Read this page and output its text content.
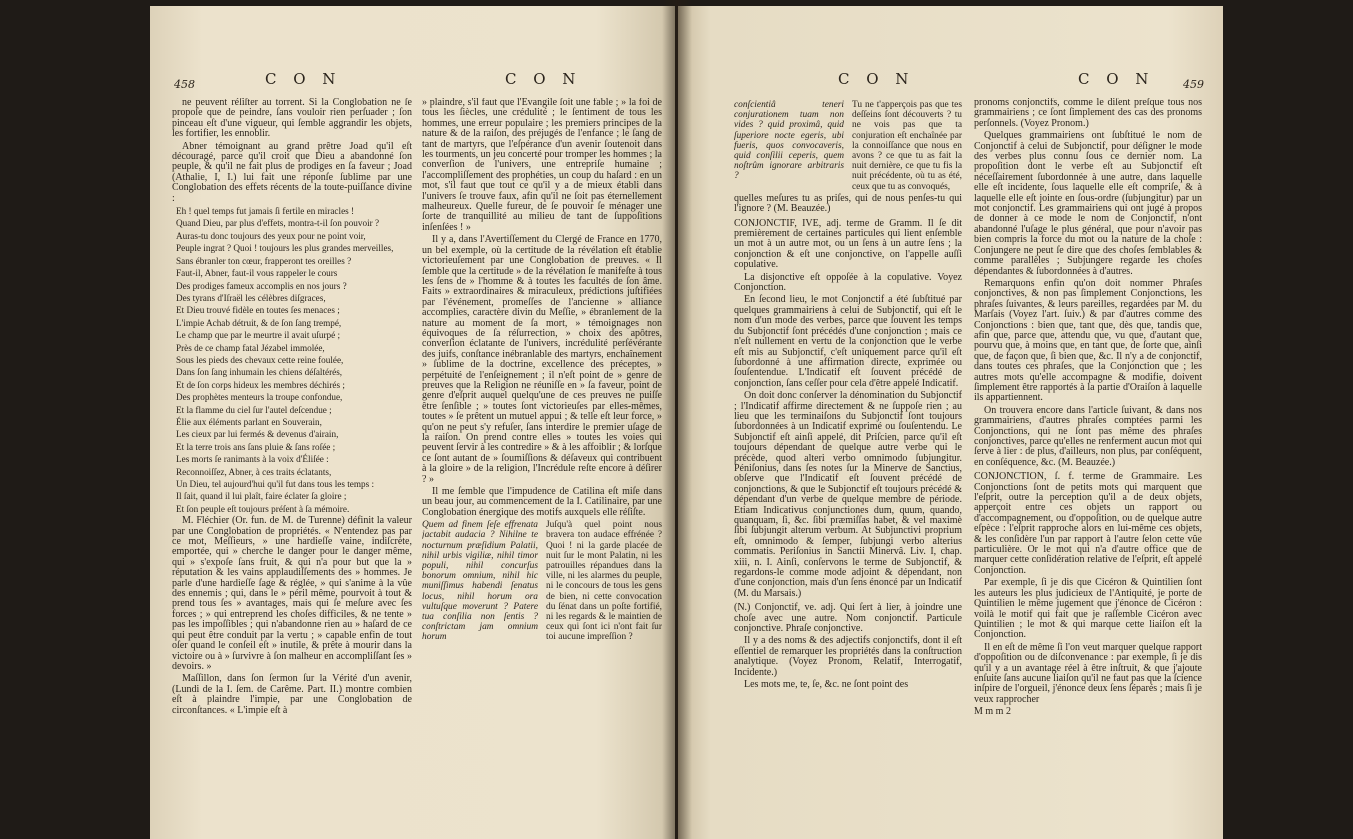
458	C O N	C O N

ne peuvent réſiſter au torrent. Si la Conglobation ne ſe propoſe que de peindre, ſans vouloir rien perſuader ; ſon pinceau eſt d'une vigueur, qui ſemble aggrandir les objets, les fortifier, les ennoblir.

Abner témoignant au grand prêtre Joad qu'il eſt découragé, parce qu'il croit que Dieu a abandonné ſon peuple, & qu'il ne fait plus de prodiges en ſa faveur ; Joad (Athalie, I, I.) lui fait une réponſe ſublime par une Conglobation des effets récents de la toute-puiſſance divine :

Eh ! quel temps fut jamais ſi fertile en miracles !

Quand Dieu, par plus d'effets, montra-t-il ſon pouvoir ?

Auras-tu donc toujours des yeux pour ne point voir,

Peuple ingrat ? Quoi ! toujours les plus grandes merveilles,

Sans ébranler ton cœur, frapperont tes oreilles ?

Faut-il, Abner, faut-il vous rappeler le cours

Des prodiges fameux accomplis en nos jours ?

Des tyrans d'Iſraël les célèbres diſgraces,

Et Dieu trouvé fidèle en toutes ſes menaces ;

L'impie Achab détruit, & de ſon ſang trempé,

Le champ que par le meurtre il avait uſurpé ;

Près de ce champ fatal Jézabel immolée,

Sous les pieds des chevaux cette reine foulée,

Dans ſon ſang inhumain les chiens déſaltérés,

Et de ſon corps hideux les membres déchirés ;

Des prophètes menteurs la troupe confondue,

Et la flamme du ciel ſur l'autel deſcendue ;

Élie aux éléments parlant en Souverain,

Les cieux par lui fermés & devenus d'airain,

Et la terre trois ans ſans pluie & ſans roſée ;

Les morts ſe ranimants à la voix d'Éliſée :

Reconnoiſſez, Abner, à ces traits éclatants,

Un Dieu, tel aujourd'hui qu'il fut dans tous les temps :

Il ſait, quand il lui plaît, faire éclater ſa gloire ;

Et ſon peuple eſt toujours préſent à ſa mémoire.

M. Fléchier (Or. fun. de M. de Turenne) définit la valeur par une Conglobation de propriétés. « N'entendez pas par ce mot, Meſſieurs, » une hardieſſe vaine, indiſcrète, emportée, qui » cherche le danger pour le danger même, qui » s'expoſe ſans fruit, & qui n'a pour but que la » réputation & les vains applaudiſſements des » hommes. Je parle d'une hardieſſe ſage & réglée, » qui s'anime à la vûe des ennemis ; qui, dans le » péril même, pourvoit à tout & prend tous ſes » avantages, mais qui ſe meſure avec ſes forces ; » qui entreprend les choſes difficiles, & ne tente » pas les impoſſibles ; qui n'abandonne rien au » haſard de ce qui peut être conduit par la vertu ; » capable enfin de tout oſer quand le conſeil eſt » inutile, & prête à mourir dans la victoire ou à » ſurvivre à ſon malheur en accompliſſant ſes » devoirs. »

Maſſillon, dans ſon ſermon ſur la Vérité d'un avenir, (Lundi de la I. ſem. de Carême. Part. II.) montre combien eſt à plaindre l'impie, par une Conglobation de circonſtances. « L'impie eſt à

» plaindre, s'il faut que l'Évangile ſoit une fable ; » la foi de tous les ſiècles, une crédulité ; le ſentiment de tous les hommes, une erreur populaire ; les premiers principes de la nature & de la raiſon, des préjugés de l'enfance ; le ſang de tant de martyrs, que l'eſpérance d'un avenir ſoutenoit dans les tourments, un jeu concerté pour tromper les hommes ; la converſion de l'univers, une entrepriſe humaine ; l'accompliſſement des prophéties, un coup du haſard : en un mot, s'il faut que tout ce qu'il y a de mieux établi dans l'univers ſe trouve faux, afin qu'il ne ſoit pas éternellement malheureux. Quelle fureur, de ſe pouvoir ſe ménager une ſorte de tranquillité au milieu de tant de ſuppoſitions inſenſées ! »

Il y a, dans l'Avertiſſement du Clergé de France en 1770, un bel exemple, où la certitude de la révélation eſt établie victorieuſement par une Conglobation de preuves. « Il ſemble que la certitude » de la révélation ſe manifeſte à tous les ſens de » l'homme & à toutes les facultés de ſon âme. Faits » extraordinaires & miraculeux, prédictions juſtifiées par l'événement, promeſſes de l'ancienne » alliance accomplies, caractère divin du Meſſie, » ébranlement de la nature au moment de ſa mort, » témoignages non équivoques de ſa réſurrection, » choix des apôtres, converſion éclatante de l'univers, incrédulité perſévérante des juifs, conſtance inébranlable des martyrs, enchaînement » ſublime de la doctrine, excellence des préceptes, » perpétuité de l'enſeignement ; il n'eſt point de » genre de preuves que la Religion ne réuniſſe en » ſa faveur, point de genre d'eſprit auquel quelqu'une de ces preuves ne puiſſe être ſenſible ; » toutes ſont victorieuſes par elles-mêmes, toutes » ſe prêtent un mutuel appui ; & telle eſt leur force, » qu'on ne peut s'y refuſer, ſans interdire le premier uſage de la raiſon. On prend contre elles » toutes les voies qui peuvent ſervir à les contredire » & à les affoiblir ; & lorſque ce ſont autant de » ſoumiſſions & déſaveux qui contribuent à la gloire » de la religion, l'Incrédule reſte encore à déſirer ? »

Il me ſemble que l'impudence de Catilina eſt miſe dans un beau jour, au commencement de la I. Catilinaire, par une Conglobation énergique des motifs auxquels elle réſiſte.

Quem ad finem ſeſe effrenata jactabit audacia ? Nihilne te nocturnum præſidium Palatii, nihil urbis vigiliæ, nihil timor populi, nihil concurſus bonorum omnium, nihil hic muniſſimus habendi ſenatus locus, nihil horum ora vultuſque moverunt ? Patere tua conſilia non ſentis ? conſtrictam jam omnium horum
Juſqu'à quel point nous bravera ton audace effrénée ? Quoi ! ni la garde placée de nuit ſur le mont Palatin, ni les patrouilles répandues dans la ville, ni les alarmes du peuple, ni le concours de tous les gens de bien, ni cette convocation du ſénat dans un poſte fortifié, ni les regards & le maintien de ceux qui ſont ici n'ont fait ſur toi aucune impreſſion ?
C O N	C O N	459
conſcientiâ teneri conjurationem tuam non vides ? quid proximâ, quid ſuperiore nocte egeris, ubi fueris, quos convocaveris, quid conſilii ceperis, quem noſtrûm ignorare arbitraris ?
Tu ne t'apperçois pas que tes deſſeins ſont découverts ? tu ne vois pas que ta conjuration eſt enchaînée par la connoiſſance que nous en avons ? ce que tu as fait la nuit dernière, ce que tu fis la nuit précédente, où tu as été, ceux que tu as convoqués,

quelles meſures tu as priſes, qui de nous penſes-tu qui l'ignore ? (M. Beauzée.)

CONJONCTIF, IVE, adj. terme de Gramm. Il ſe dit premièrement de certaines particules qui lient enſemble un mot à un autre mot, ou un ſens à un autre ſens ; la conjonction & eſt une conjonctive, on l'appelle auſſi copulative.

La disjonctive eſt oppoſée à la copulative. Voyez Conjonction.

En ſecond lieu, le mot Conjonctif a été ſubſtitué par quelques grammairiens à celui de Subjonctif, qui eſt le nom d'un mode des verbes, parce que ſouvent les temps du Subjonctif ſont précédés d'une conjonction ; mais ce n'eſt nullement en vertu de la conjonction que le verbe eſt mis au Subjonctif, c'eſt uniquement parce qu'il eſt ſubordonné à une affirmation directe, exprimée ou ſouſentendue. L'Indicatif eſt ſouvent précédé de conjonction, ſans ceſſer pour cela d'être appelé Indicatif.

On doit donc conſerver la dénomination du Subjonctif ; l'Indicatif affirme directement & ne ſuppoſe rien ; au lieu que les terminaiſons du Subjonctif ſont toujours ſubordonnées à un Indicatif exprimé ou ſouſentendu. Le Subjonctif eſt ainſi appelé, dit Priſcien, parce qu'il eſt toujours dépendant de quelque autre verbe qui le précède, quod alteri verbo omnimodo ſubjungitur. Péniſonius, dans ſes notes ſur la Minerve de Sanctius, obſerve que l'Indicatif eſt ſouvent précédé de conjonctions, & que le Subjonctif eſt toujours précédé & dépendant d'un verbe de quelque membre de période. Etiam Indicativus conjunctiones dum, quum, quando, quanquam, ſi, &c. ſibi præmiſſas habet, & vel maximè ſibi ſubjungit alterum verbum. At Subjunctivi proprium eſt, omnimodo & ſemper, ſubjungi verbo alterius commatis. Periſonius in Sanctii Minervâ. Liv. I, chap. xiii, n. I. Ainſi, conſervons le terme de Subjonctif, & regardons-le comme mode adjoint & dépendant, non d'une conjonction, mais d'un ſens énoncé par un Indicatif (M. du Marsais.)

(N.) Conjonctif, ve. adj. Qui ſert à lier, à joindre une choſe avec une autre. Nom conjonctif. Particule conjonctive. Phraſe conjonctive.

Il y a des noms & des adjectifs conjonctifs, dont il eſt eſſentiel de remarquer les propriétés dans la conſtruction analytique. (Voyez Pronom, Relatif, Interrogatif, Incidente.)

Les mots me, te, ſe, &c. ne ſont point des

pronoms conjonctifs, comme le diſent preſque tous nos grammairiens ; ce ſont ſimplement des cas des pronoms perſonnels. (Voyez Pronom.)

Quelques grammairiens ont ſubſtitué le nom de Conjonctif à celui de Subjonctif, pour déſigner le mode des verbes plus connu ſous ce dernier nom. La propoſition dont le verbe eſt au Subjonctif eſt néceſſairement ſubordonnée à une autre, dans laquelle elle eſt incidente, ſous laquelle elle eſt compriſe, & à laquelle elle eſt jointe en ſous-ordre (ſubjungitur) par un mot conjonctif. Les grammairiens qui ont jugé à propos de donner à ce mode le nom de Conjonctif, n'ont abandonné l'uſage le plus général, que pour n'avoir pas bien compris la force du mot ou la nature de la choſe : Conjungere ne peut ſe dire que des choſes ſemblables & comme parallèles ; Subjungere regarde les choſes dépendantes & ſubordonnées à d'autres.

Remarquons enfin qu'on doit nommer Phraſes conjonctives, & non pas ſimplement Conjonctions, les phraſes ſuivantes, & leurs pareilles, regardées par M. du Marſais (Voyez l'art. ſuiv.) & par d'autres comme des Conjonctions : bien que, tant que, dès que, tandis que, afin que, parce que, attendu que, vu que, d'autant que, pourvu que, à moins que, en tant que, de ſorte que, ainſi que, de façon que, ſi bien que, &c. Il n'y a de conjonctif, dans toutes ces phraſes, que la Conjonction que ; les autres mots qu'elle accompagne & modifie, doivent ſimplement être rapportés à la partie d'Oraiſon à laquelle ils appartiennent.

On trouvera encore dans l'article ſuivant, & dans nos grammairiens, d'autres phraſes comptées parmi les Conjonctions, qui ne ſont pas même des phraſes conjonctives, parce qu'elles ne renferment aucun mot qui ſerve à lier : de plus, d'ailleurs, non plus, par conſéquent, en conſéquence, &c. (M. Beauzée.)

CONJONCTION, ſ. f. terme de Grammaire. Les Conjonctions ſont de petits mots qui marquent que l'eſprit, outre la perception qu'il a de deux objets, apperçoit entre ces objets un rapport ou d'accompagnement, ou d'oppoſition, ou de quelque autre eſpèce : l'eſprit rapproche alors en lui-même ces objets, & les conſidère l'un par rapport à l'autre ſelon cette vûe particulière. Or le mot qui n'a d'autre office que de marquer cette conſidération relative de l'eſprit, eſt appelé Conjonction.

Par exemple, ſi je dis que Cicéron & Quintilien ſont les auteurs les plus judicieux de l'Antiquité, je porte de Quintilien le même jugement que j'énonce de Cicéron : voilà le motif qui fait que je raſſemble Cicéron avec Quintilien ; le mot & qui marque cette liaiſon eſt la Conjonction.

Il en eſt de même ſi l'on veut marquer quelque rapport d'oppoſition ou de diſconvenance : par exemple, ſi je dis qu'il y a un avantage réel à être inſtruit, & que j'ajoute enſuite ſans aucune liaiſon qu'il ne faut pas que la ſcience inſpire de l'orgueil, j'énonce deux ſens ſéparés ; mais ſi je veux rapprocher

M m m 2
